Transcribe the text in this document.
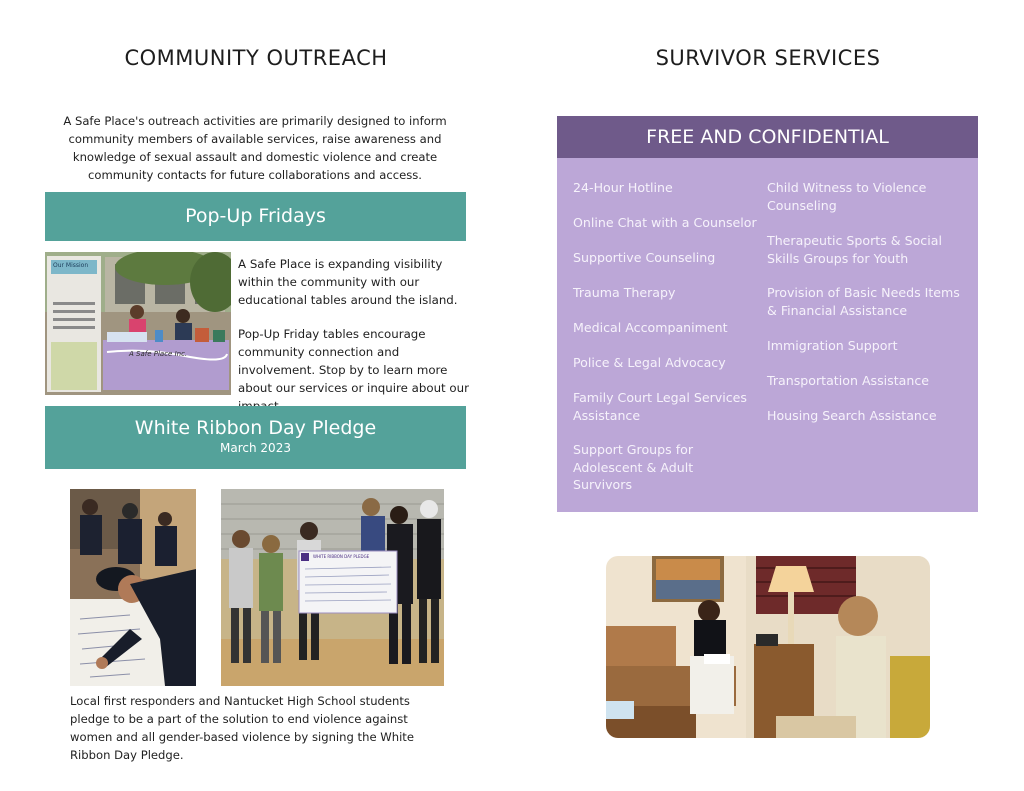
COMMUNITY OUTREACH
A Safe Place's outreach activities are primarily designed to inform community members of available services, raise awareness and knowledge of sexual assault and domestic violence and create community contacts for future collaborations and access.
Pop-Up Fridays
Our Mission
A Safe Place Inc.
A Safe Place is expanding visibility within the community with our educational tables around the island.
Pop-Up Friday tables encourage community connection and involvement. Stop by to learn more about our services or inquire about our
White Ribbon Day Pledge
March 2023
WHITE RIBBON DAY PLEDGE
Local first responders and Nantucket High School students pledge to be a part of the solution to end violence against women and all gender-based violence by signing the White Ribbon Day Pledge.
SURVIVOR SERVICES
FREE AND CONFIDENTIAL
24-Hour Hotline
Online Chat with a Counselor
Supportive Counseling
Trauma Therapy
Medical Accompaniment
Police & Legal Advocacy
Family Court Legal Services Assistance
Support Groups for Adolescent & Adult Survivors
Child Witness to Violence Counseling
Therapeutic Sports & Social Skills Groups for Youth
Provision of Basic Needs Items & Financial Assistance
Immigration Support
Transportation Assistance
Housing Search Assistance
